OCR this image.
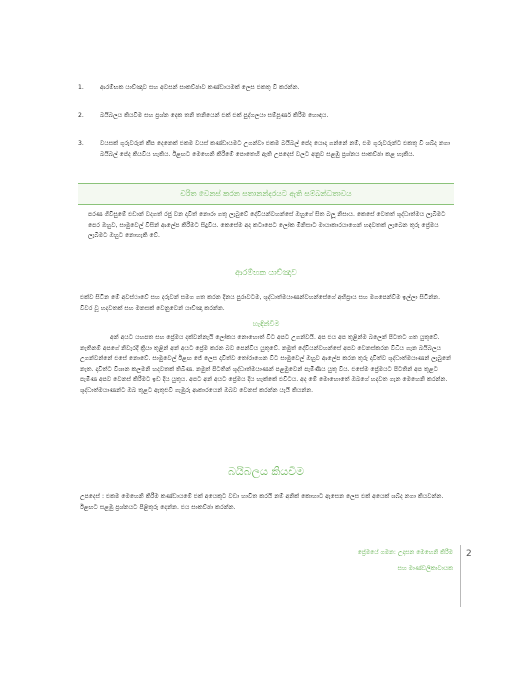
1.	ආරම්භක යාච්ඤාව සහ අවසන් සාකච්ඡාව කණ්ඩායමක් ලෙස එකතු වී කරන්න.
2.	බයිබලය කියවීම සහ ප්‍රශ්න දෙක තනි තනියෙන් එක් එක් පුද්ගලයා සම්පූර්ණ කිරීම හොඳය.
3.	වයසක් ගුරුවරුන් කීප දෙනෙක් එකම වයස් කණ්ඩායමට උගන්වා එකම බයිබල් පේද යොදා ගන්නේ නම්, එම ගුරුවරුන්ට එකතු වී ශබ්ද නගා බයිබල් පේද කියවිය හැකිය. ඊළඟට මෙහෙනි කිරීමේ පොතෙහි ඇති උපදෙස් වලට අනුව සළඹු ප්‍රශ්නය සාකච්ඡා කළ හැකිය.
චරිත වෙනස් කරන සතානන්දරයට ඇති සම්බන්ධතාවය
පරණ ගිවිසුමේ එඩාන් වදගත් රජු වන දාවිත් නොරා ගතු ලැබුවේ දේවියන්වහන්සේ ඔහුගේ සිත බලූ නිසාය. කෙසේ වෙතත් ශුද්ධාත්මය ලැබීමට පෙර ඔහුව, සාමුවෙල් විසින් ආලේප කිරීමට සිදුවිය. කෙසේම අද කටාපෙට ලෝක මිනිසාට මායාකාරයාගෙන් හඳවතක් ලැබෙන තුරු ප්‍රේමය ලැබීමට ඔහුට නොහැකි වේ.
ආරම්භක යාච්ඤාව
එක්ව සිටින මේ අවස්ථාවේ සහ දරුවන් සමග ගත කරන දිනය පුරාවටම, ශුද්ධාත්මයාණන්වහන්සේගේ අභිප්‍රාය සහ මගපෙන්වීම ඉල්ලා සිටින්න. විවර වූ හදවතක් සහ මනසක් වෙනුවෙන් යාච්ඤා කරන්න.
හැඳින්වීම
අන් අයට යහපත සහ ප්‍රේමය දක්වන්නැයි ලෝකය නොහොත් විට අපට උගන්වයි. අප එය අප තුළින්ම බලෙන් පිටතට ගත යුතුවේ. නැතිනම් අපගේ නිවැරදි ක්‍රියා තුළින් අන් අයට ප්‍රේම කරන බව පෙන්විය යුතුවේ. නමුත් දේවියන්වහන්සේ අපව වෙනස්කරන විධිය ගැන බයිබලය උගන්වන්නේ එසේ නොවේ. සාමුවෙල් ඊළඟ ජේ ලෙස දාවිත්ව තෝරාගෙන විට සාමුවෙල් ඔහුව ආලේප කරන තුරු දාවිත්ව ශුද්ධාත්මයාණන් ලැබුනේ නැත. දාවිත්ට විශාන කලමනි හදවතක් තිබිණ. නමුත් පිටතින් ශුද්ධාත්මයාණන් පළමුවෙන් පැමිණිය යුතු විය. එසේම ප්‍රේමයට පිටතින් අප තුළට පැමිණ අපව වෙනස් කිරීමට ඉඩ දිය යුතුය. අපට අන් අයට ප්‍රේමය දිය හැක්කේ එවිටය. අද මේ මොහොතේ ඔබගේ හදවත ගැන මෙහෙනි කරන්න. ශුද්ධාත්මයාණන්ට ඔබ තුළට ඇතුළුවී ගැඹුරු ආකාරයෙන් ඔබව වෙනස් කරන්න යැයි කියන්න.
බයිබලය කියවීම
උපදෙස් : එකම මෙහෙනි කිරීම කණ්ඩායමේ එක් අයෙකුට වඩා හාවිත කරයි නම් අනික් කොහාට ඇසෙන ලෙස එක් අයෙක් ශබ්ද නගා කියවන්න. ඊළඟට සළඹු ප්‍රශ්නයට පිළිතුරු දෙන්න. එය සාකච්ඡා කරන්න.
ප්‍රේමයේ ගමන: උදාසන මෙහෙනි කිරීම
සහ මාණ්ඩලිකාවායක
2
